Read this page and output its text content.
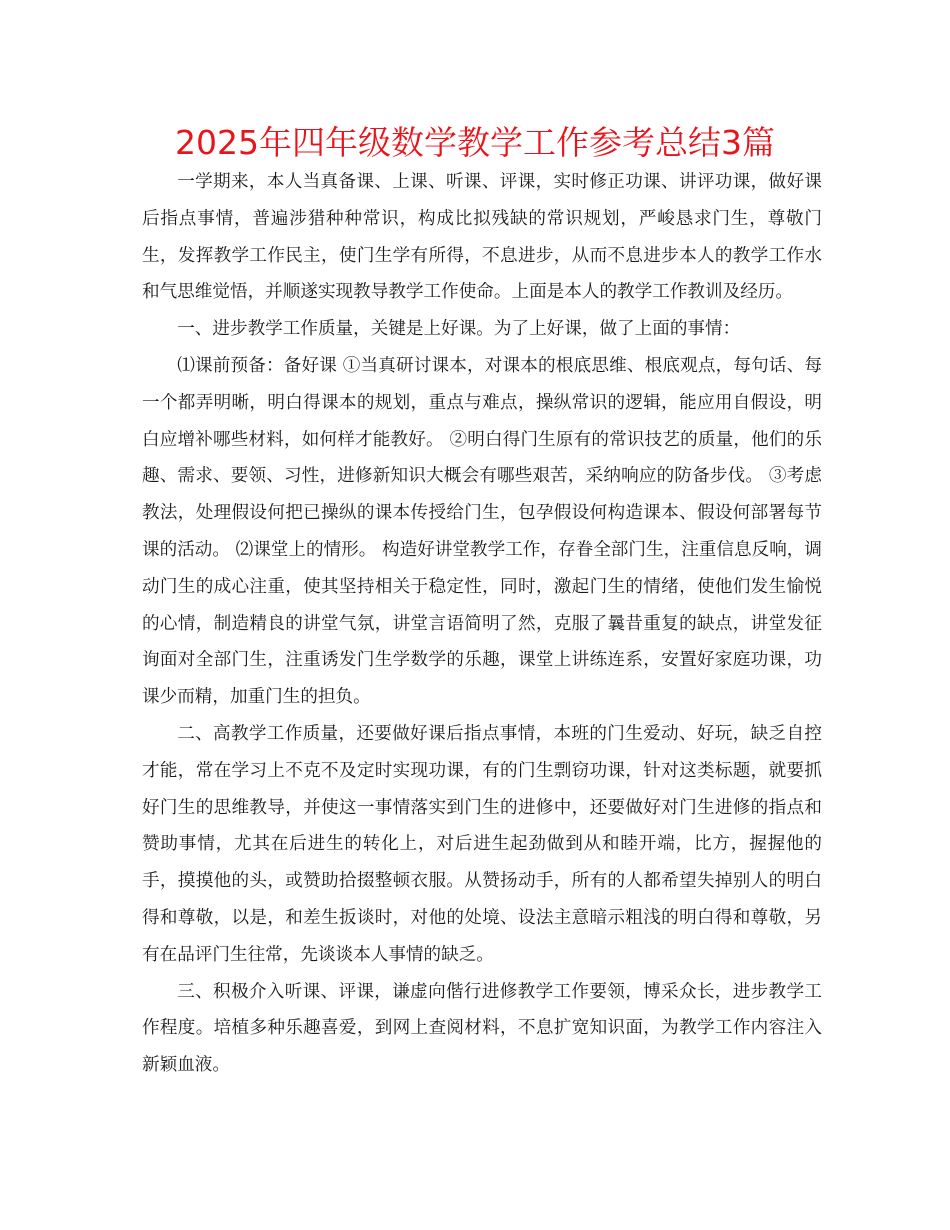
2025年四年级数学教学工作参考总结3篇

一学期来，本人当真备课、上课、听课、评课，实时修正功课、讲评功课，做好课后指点事情，普遍涉猎种种常识，构成比拟残缺的常识规划，严峻恳求门生，尊敬门生，发挥教学工作民主，使门生学有所得，不息进步，从而不息进步本人的教学工作水和气思维觉悟，并顺遂实现教导教学工作使命。上面是本人的教学工作教训及经历。

一、进步教学工作质量，关键是上好课。为了上好课，做了上面的事情：

⑴课前预备：备好课 ①当真研讨课本，对课本的根底思维、根底观点，每句话、每一个都弄明晰，明白得课本的规划，重点与难点，操纵常识的逻辑，能应用自假设，明白应增补哪些材料，如何样才能教好。 ②明白得门生原有的常识技艺的质量，他们的乐趣、需求、要领、习性，进修新知识大概会有哪些艰苦，采纳响应的防备步伐。 ③考虑教法，处理假设何把已操纵的课本传授给门生，包孕假设何构造课本、假设何部署每节课的活动。 ⑵课堂上的情形。 构造好讲堂教学工作，存眷全部门生，注重信息反响，调动门生的成心注重，使其坚持相关于稳定性，同时，激起门生的情绪，使他们发生愉悦的心情，制造精良的讲堂气氛，讲堂言语简明了然，克服了曩昔重复的缺点，讲堂发征询面对全部门生，注重诱发门生学数学的乐趣，课堂上讲练连系，安置好家庭功课，功课少而精，加重门生的担负。

二、高教学工作质量，还要做好课后指点事情，本班的门生爱动、好玩，缺乏自控才能，常在学习上不克不及定时实现功课，有的门生剽窃功课，针对这类标题，就要抓好门生的思维教导，并使这一事情落实到门生的进修中，还要做好对门生进修的指点和赞助事情，尤其在后进生的转化上，对后进生起劲做到从和睦开端，比方，握握他的手，摸摸他的头，或赞助拾掇整顿衣服。从赞扬动手，所有的人都希望失掉别人的明白得和尊敬，以是，和差生扳谈时，对他的处境、设法主意暗示粗浅的明白得和尊敬，另有在品评门生往常，先谈谈本人事情的缺乏。

三、积极介入听课、评课，谦虚向偕行进修教学工作要领，博采众长，进步教学工作程度。培植多种乐趣喜爱，到网上查阅材料，不息扩宽知识面，为教学工作内容注入新颖血液。
